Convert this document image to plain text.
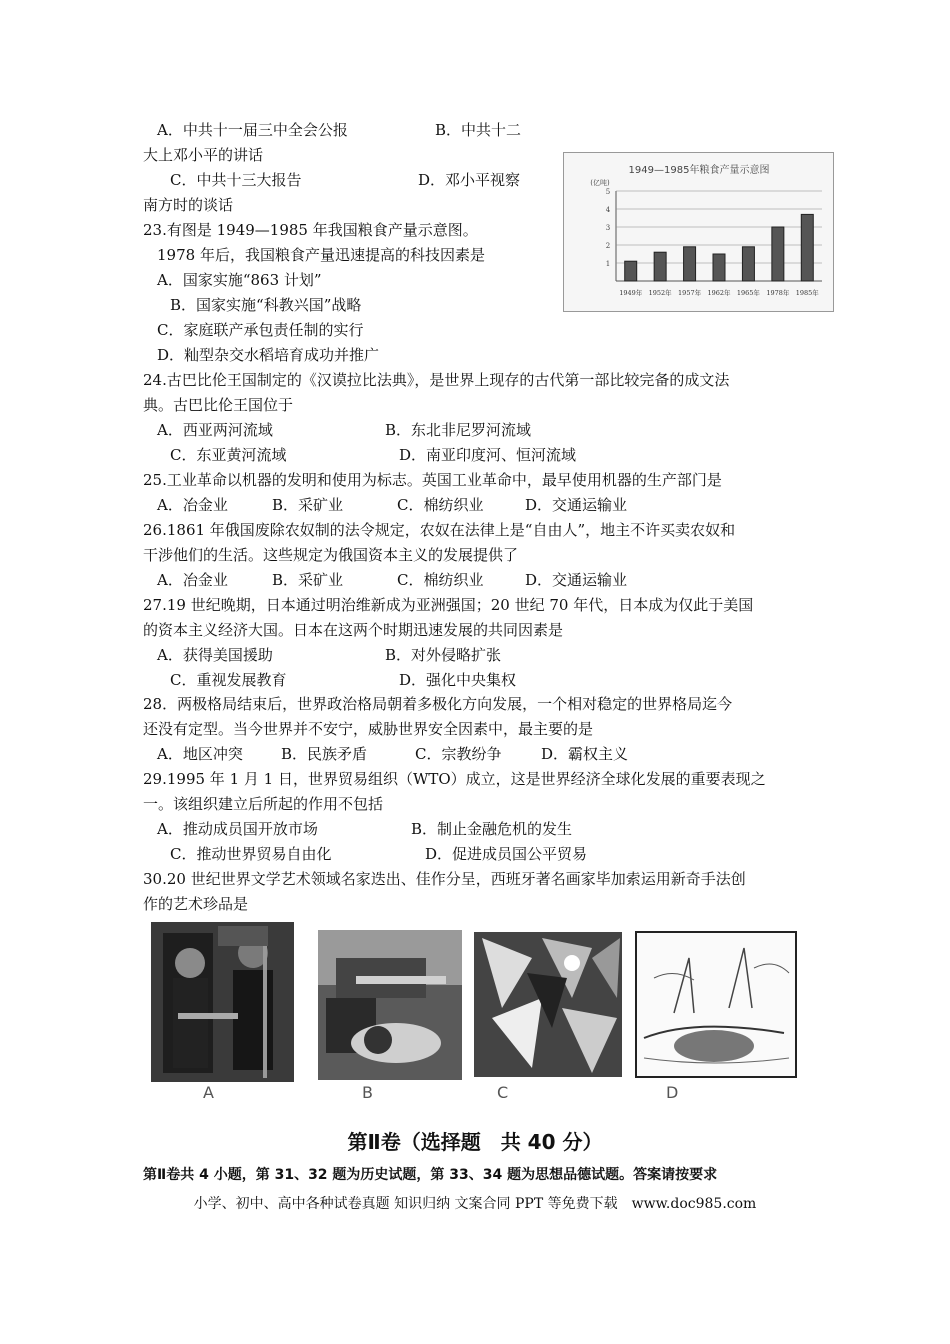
A．中共十一届三中全会公报	B．中共十二
大上邓小平的讲话
C．中共十三大报告	D．邓小平视察
南方时的谈话
23.有图是 1949—1985 年我国粮食产量示意图。
1978 年后，我国粮食产量迅速提高的科技因素是
A．国家实施“863 计划”
B．国家实施“科教兴国”战略
C．家庭联产承包责任制的实行
D．籼型杂交水稻培育成功并推广
1949—1985年粮食产量示意图
(亿吨)
1949年 1952年 1957年 1962年 1965年 1978年 1985年
1
2
3
4
5
24.古巴比伦王国制定的《汉谟拉比法典》，是世界上现存的古代第一部比较完备的成文法
典。古巴比伦王国位于
A．西亚两河流域	B．东北非尼罗河流域
C．东亚黄河流域	D．南亚印度河、恒河流域
25.工业革命以机器的发明和使用为标志。英国工业革命中，最早使用机器的生产部门是
A．冶金业	B．采矿业	C．棉纺织业	D．交通运输业
26.1861 年俄国废除农奴制的法令规定，农奴在法律上是“自由人”，地主不许买卖农奴和
干涉他们的生活。这些规定为俄国资本主义的发展提供了
A．冶金业	B．采矿业	C．棉纺织业	D．交通运输业
27.19 世纪晚期，日本通过明治维新成为亚洲强国；20 世纪 70 年代，日本成为仅此于美国
的资本主义经济大国。日本在这两个时期迅速发展的共同因素是
A．获得美国援助	B．对外侵略扩张
C．重视发展教育	D．强化中央集权
28．两极格局结束后，世界政治格局朝着多极化方向发展，一个相对稳定的世界格局迄今
还没有定型。当今世界并不安宁，威胁世界安全因素中，最主要的是
A．地区冲突	B．民族矛盾	C．宗教纷争	D．霸权主义
29.1995 年 1 月 1 日，世界贸易组织（WTO）成立，这是世界经济全球化发展的重要表现之
一。该组织建立后所起的作用不包括
A．推动成员国开放市场	B．制止金融危机的发生
C．推动世界贸易自由化	D．促进成员国公平贸易
30.20 世纪世界文学艺术领域名家迭出、佳作分呈，西班牙著名画家毕加索运用新奇手法创
作的艺术珍品是
A	B	C	D
第Ⅱ卷（选择题　共 40 分）
第Ⅱ卷共 4 小题，第 31、32 题为历史试题，第 33、34 题为思想品德试题。答案请按要求
小学、初中、高中各种试卷真题 知识归纳 文案合同 PPT 等免费下载　www.doc985.com
